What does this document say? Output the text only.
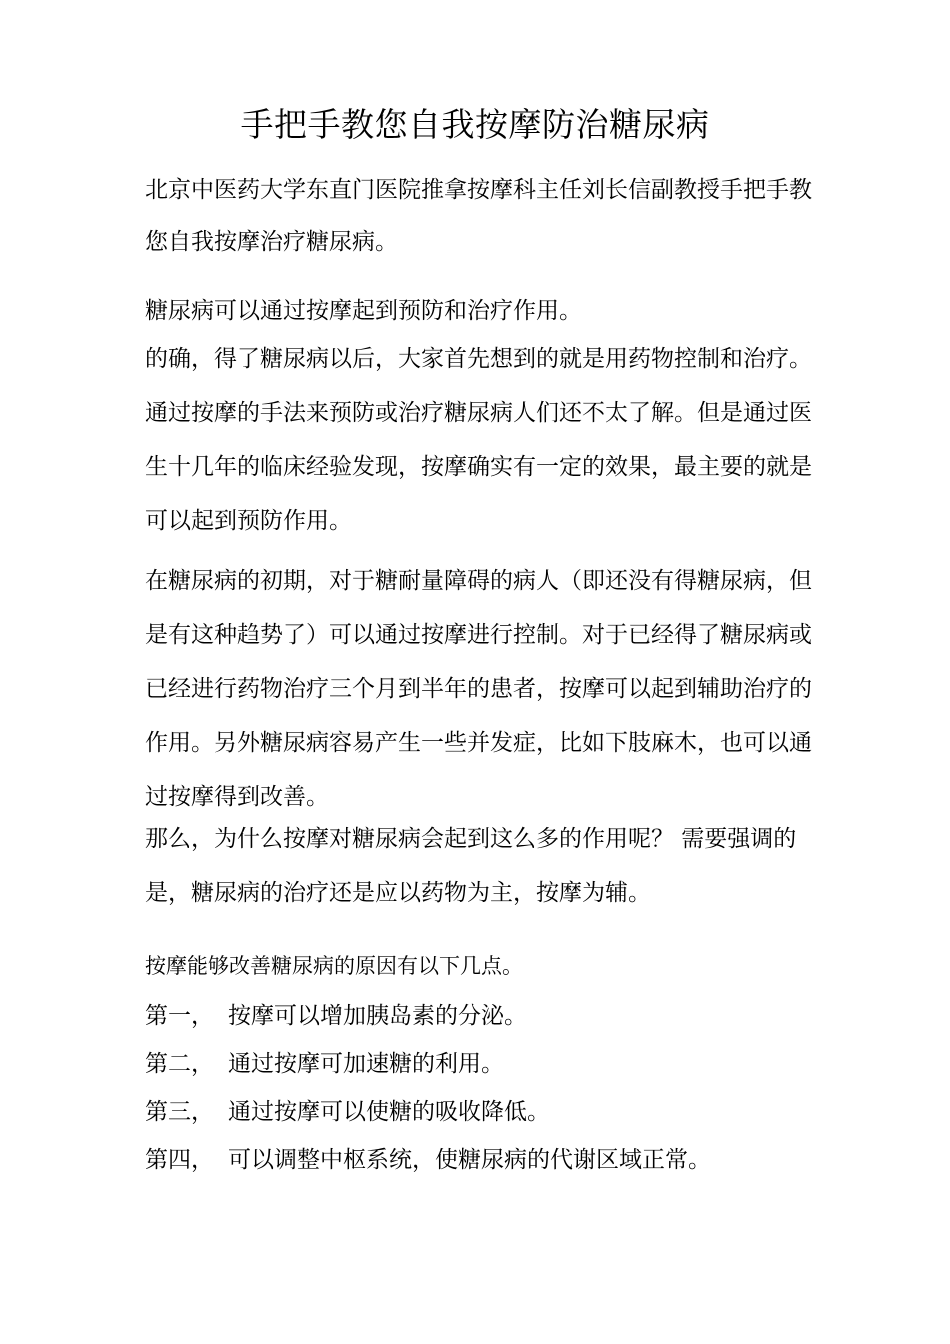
手把手教您自我按摩防治糖尿病

北京中医药大学东直门医院推拿按摩科主任刘长信副教授手把手教您自我按摩治疗糖尿病。

糖尿病可以通过按摩起到预防和治疗作用。

的确，得了糖尿病以后，大家首先想到的就是用药物控制和治疗。通过按摩的手法来预防或治疗糖尿病人们还不太了解。但是通过医生十几年的临床经验发现，按摩确实有一定的效果，最主要的就是可以起到预防作用。

在糖尿病的初期，对于糖耐量障碍的病人（即还没有得糖尿病，但是有这种趋势了）可以通过按摩进行控制。对于已经得了糖尿病或已经进行药物治疗三个月到半年的患者，按摩可以起到辅助治疗的作用。另外糖尿病容易产生一些并发症，比如下肢麻木，也可以通过按摩得到改善。

那么，为什么按摩对糖尿病会起到这么多的作用呢？ 需要强调的是，糖尿病的治疗还是应以药物为主，按摩为辅。

按摩能够改善糖尿病的原因有以下几点。

第一， 按摩可以增加胰岛素的分泌。
第二， 通过按摩可加速糖的利用。
第三， 通过按摩可以使糖的吸收降低。
第四， 可以调整中枢系统，使糖尿病的代谢区域正常。
